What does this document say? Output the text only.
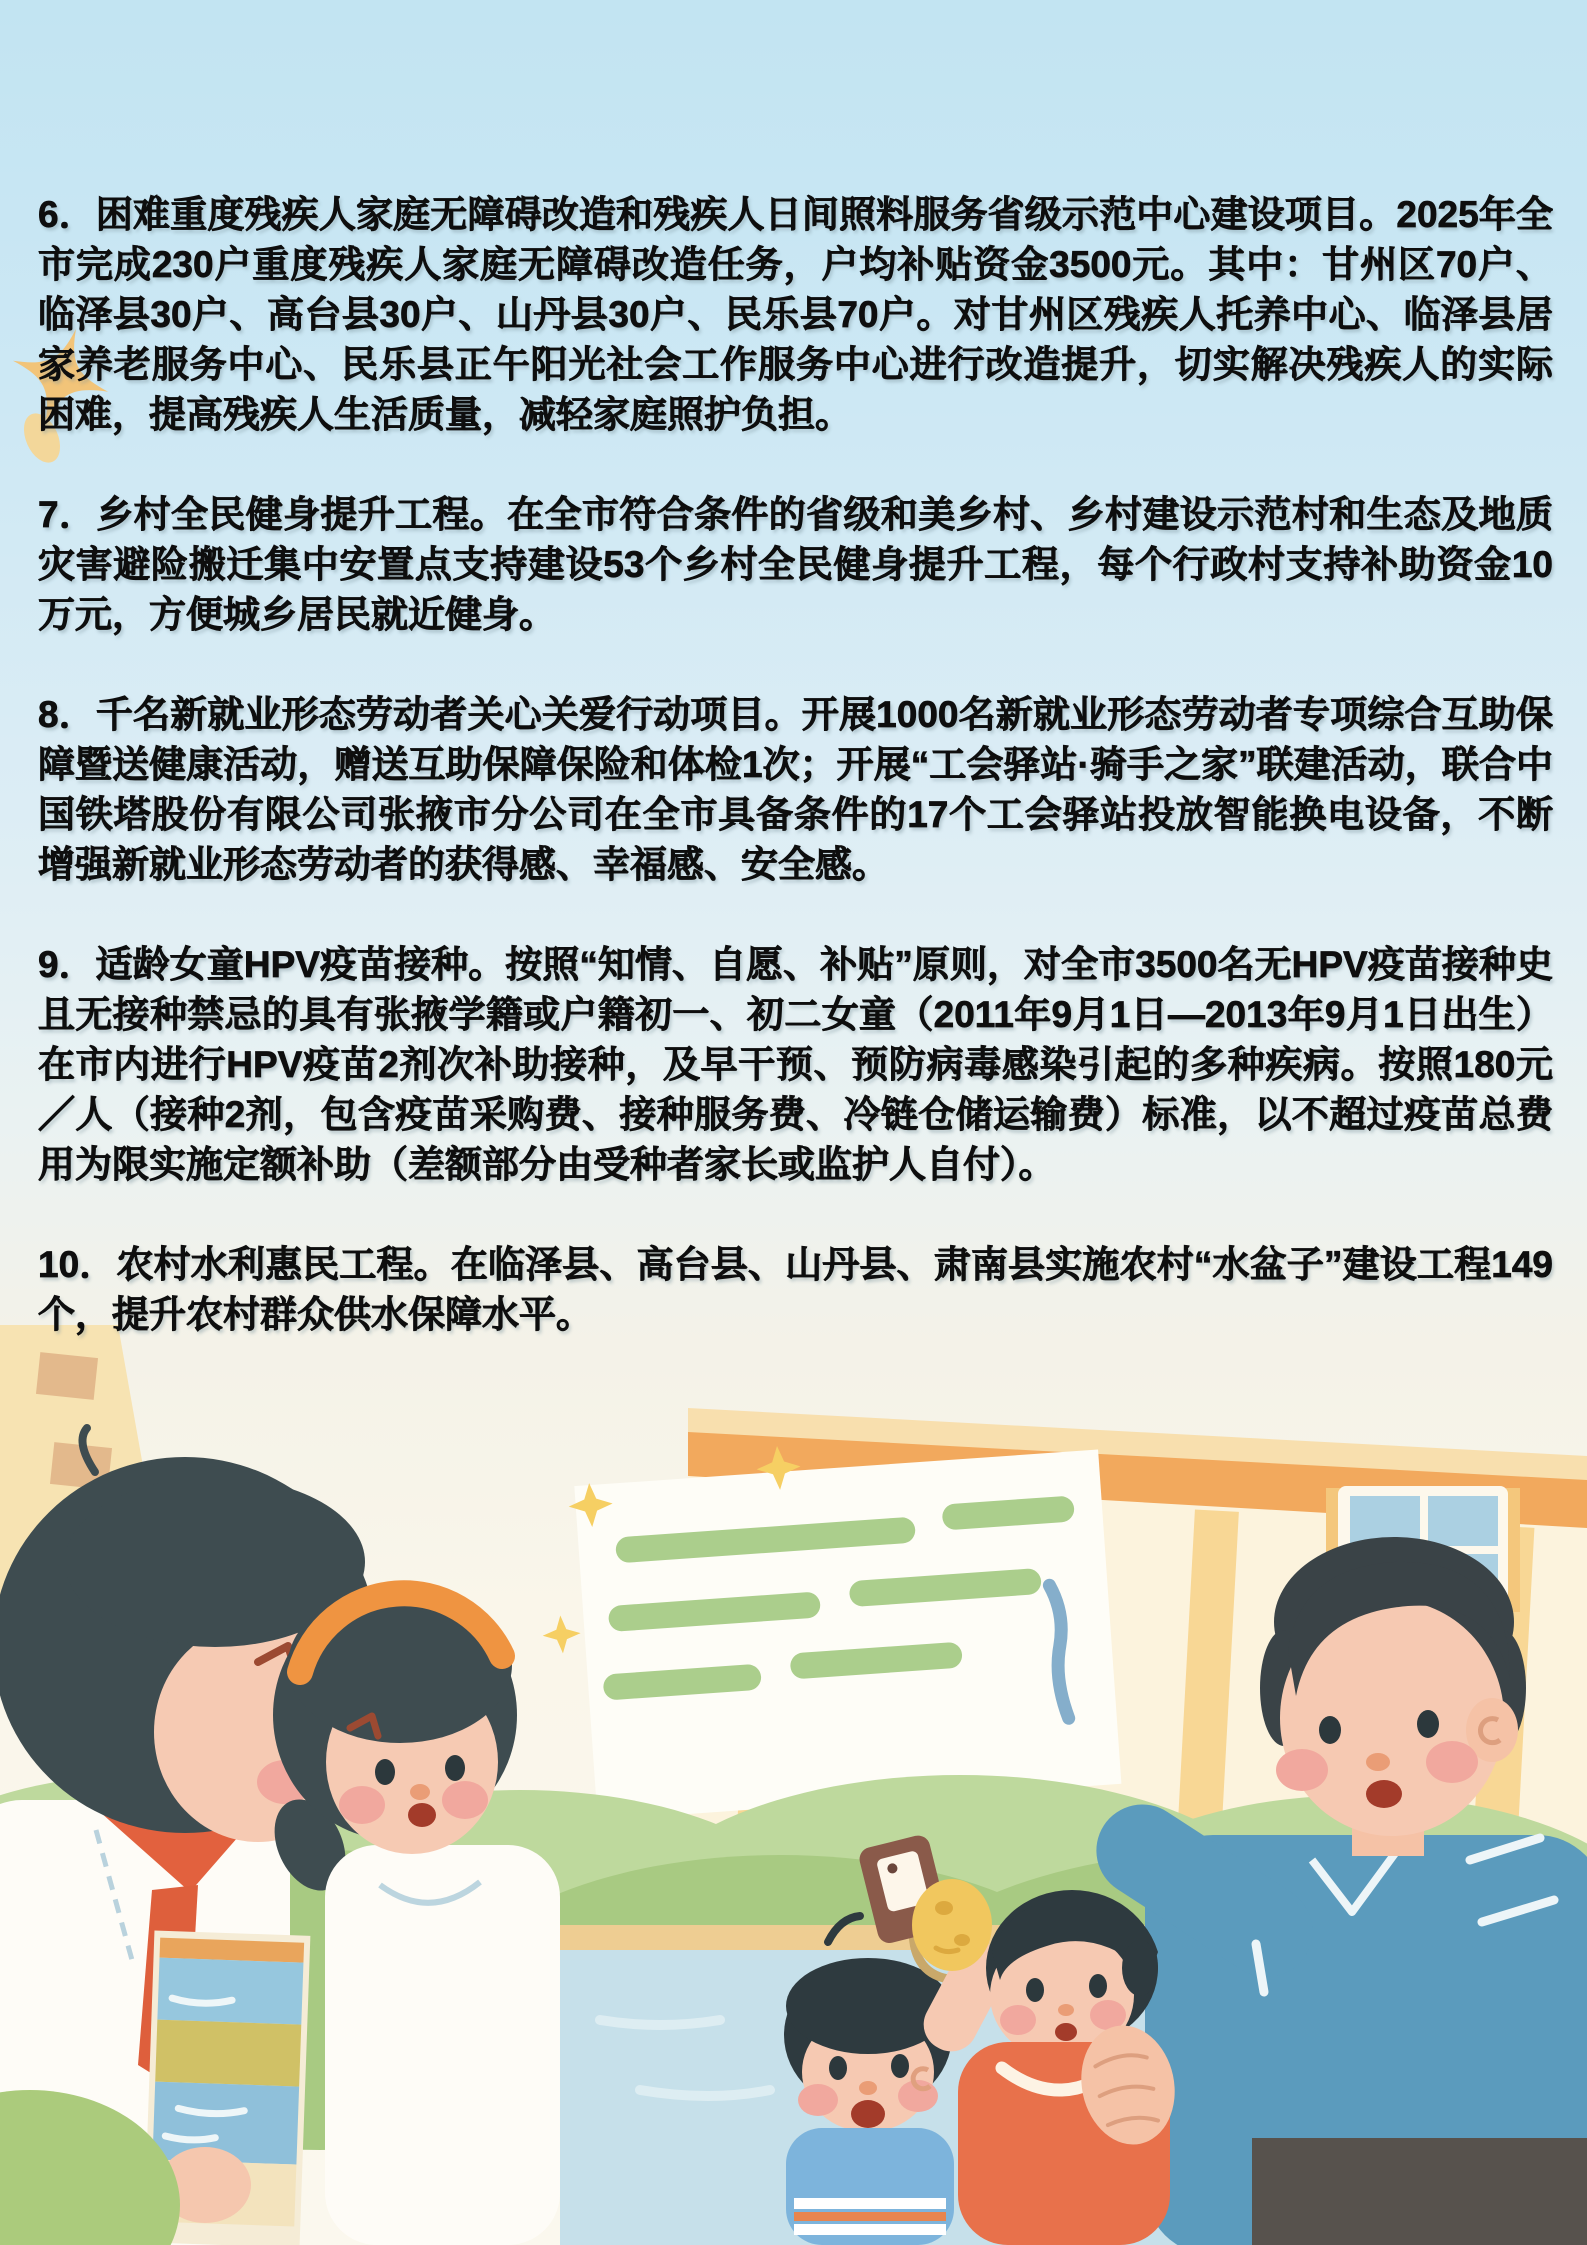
6．困难重度残疾人家庭无障碍改造和残疾人日间照料服务省级示范中心建设项目。2025年全市完成230户重度残疾人家庭无障碍改造任务，户均补贴资金3500元。其中：甘州区70户、临泽县30户、高台县30户、山丹县30户、民乐县70户。对甘州区残疾人托养中心、临泽县居家养老服务中心、民乐县正午阳光社会工作服务中心进行改造提升，切实解决残疾人的实际困难，提高残疾人生活质量，减轻家庭照护负担。

7．乡村全民健身提升工程。在全市符合条件的省级和美乡村、乡村建设示范村和生态及地质灾害避险搬迁集中安置点支持建设53个乡村全民健身提升工程，每个行政村支持补助资金10万元，方便城乡居民就近健身。

8．千名新就业形态劳动者关心关爱行动项目。开展1000名新就业形态劳动者专项综合互助保障暨送健康活动，赠送互助保障保险和体检1次；开展“工会驿站·骑手之家”联建活动，联合中国铁塔股份有限公司张掖市分公司在全市具备条件的17个工会驿站投放智能换电设备，不断增强新就业形态劳动者的获得感、幸福感、安全感。

9．适龄女童HPV疫苗接种。按照“知情、自愿、补贴”原则，对全市3500名无HPV疫苗接种史且无接种禁忌的具有张掖学籍或户籍初一、初二女童（2011年9月1日—2013年9月1日出生）在市内进行HPV疫苗2剂次补助接种，及早干预、预防病毒感染引起的多种疾病。按照180元／人（接种2剂，包含疫苗采购费、接种服务费、冷链仓储运输费）标准，以不超过疫苗总费用为限实施定额补助（差额部分由受种者家长或监护人自付）。

10．农村水利惠民工程。在临泽县、高台县、山丹县、肃南县实施农村“水盆子”建设工程149个，提升农村群众供水保障水平。
